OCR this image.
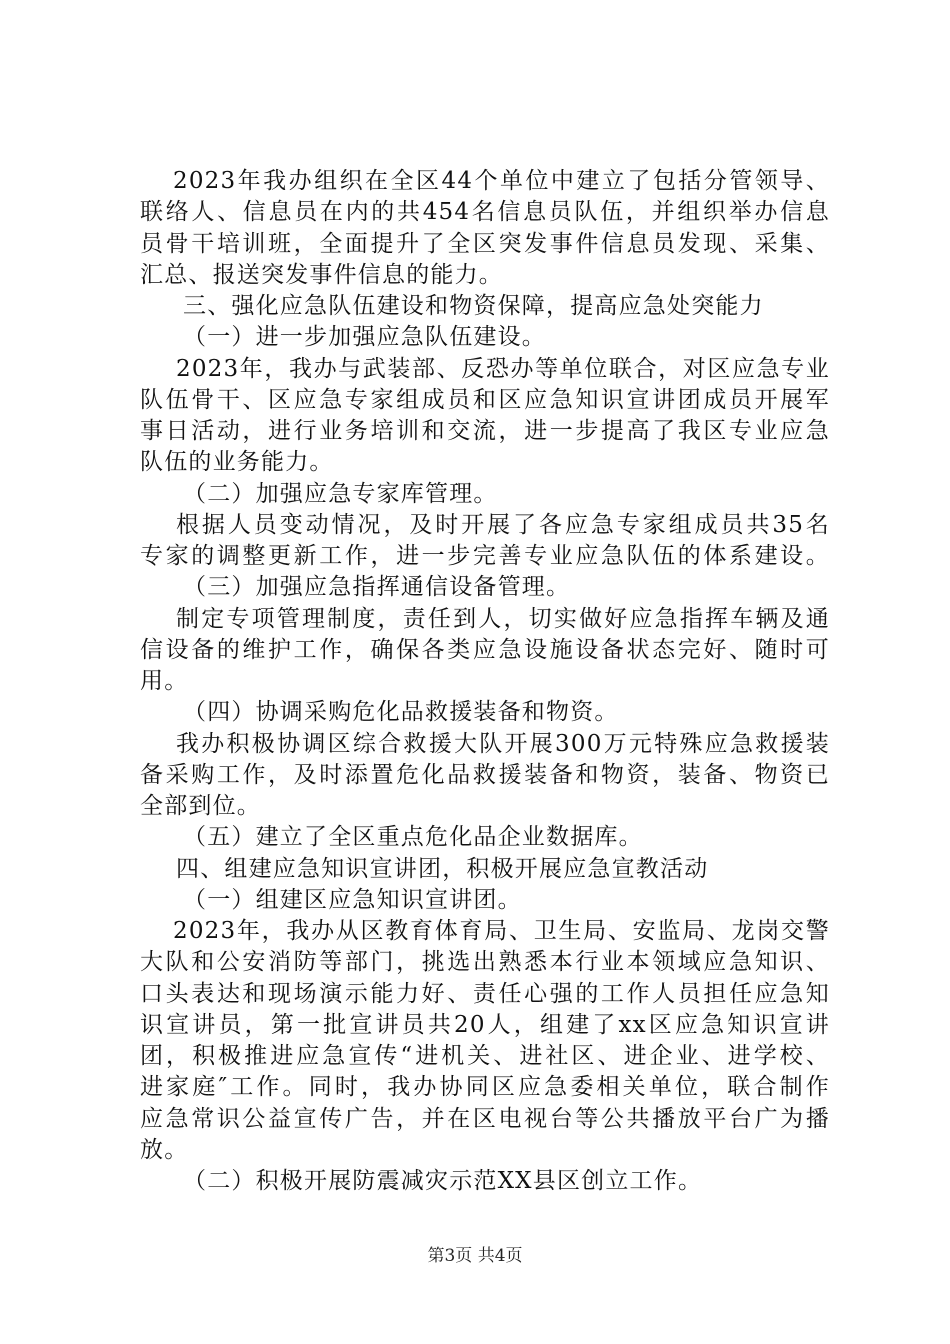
2023年我办组织在全区44个单位中建立了包括分管领导、
联络人、信息员在内的共454名信息员队伍，并组织举办信息
员骨干培训班，全面提升了全区突发事件信息员发现、采集、
汇总、报送突发事件信息的能力。
三、强化应急队伍建设和物资保障，提高应急处突能力
（一）进一步加强应急队伍建设。
2023年，我办与武装部、反恐办等单位联合，对区应急专业
队伍骨干、区应急专家组成员和区应急知识宣讲团成员开展军
事日活动，进行业务培训和交流，进一步提高了我区专业应急
队伍的业务能力。
（二）加强应急专家库管理。
根据人员变动情况，及时开展了各应急专家组成员共35名
专家的调整更新工作，进一步完善专业应急队伍的体系建设。
（三）加强应急指挥通信设备管理。
制定专项管理制度，责任到人，切实做好应急指挥车辆及通
信设备的维护工作，确保各类应急设施设备状态完好、随时可
用。
（四）协调采购危化品救援装备和物资。
我办积极协调区综合救援大队开展300万元特殊应急救援装
备采购工作，及时添置危化品救援装备和物资，装备、物资已
全部到位。
（五）建立了全区重点危化品企业数据库。
四、组建应急知识宣讲团，积极开展应急宣教活动
（一）组建区应急知识宣讲团。
2023年，我办从区教育体育局、卫生局、安监局、龙岗交警
大队和公安消防等部门，挑选出熟悉本行业本领域应急知识、
口头表达和现场演示能力好、责任心强的工作人员担任应急知
识宣讲员，第一批宣讲员共20人，组建了xx区应急知识宣讲
团，积极推进应急宣传“进机关、进社区、进企业、进学校、
进家庭″工作。同时，我办协同区应急委相关单位，联合制作
应急常识公益宣传广告，并在区电视台等公共播放平台广为播
放。
第3页 共4页
（二）积极开展防震减灾示范XX县区创立工作。
